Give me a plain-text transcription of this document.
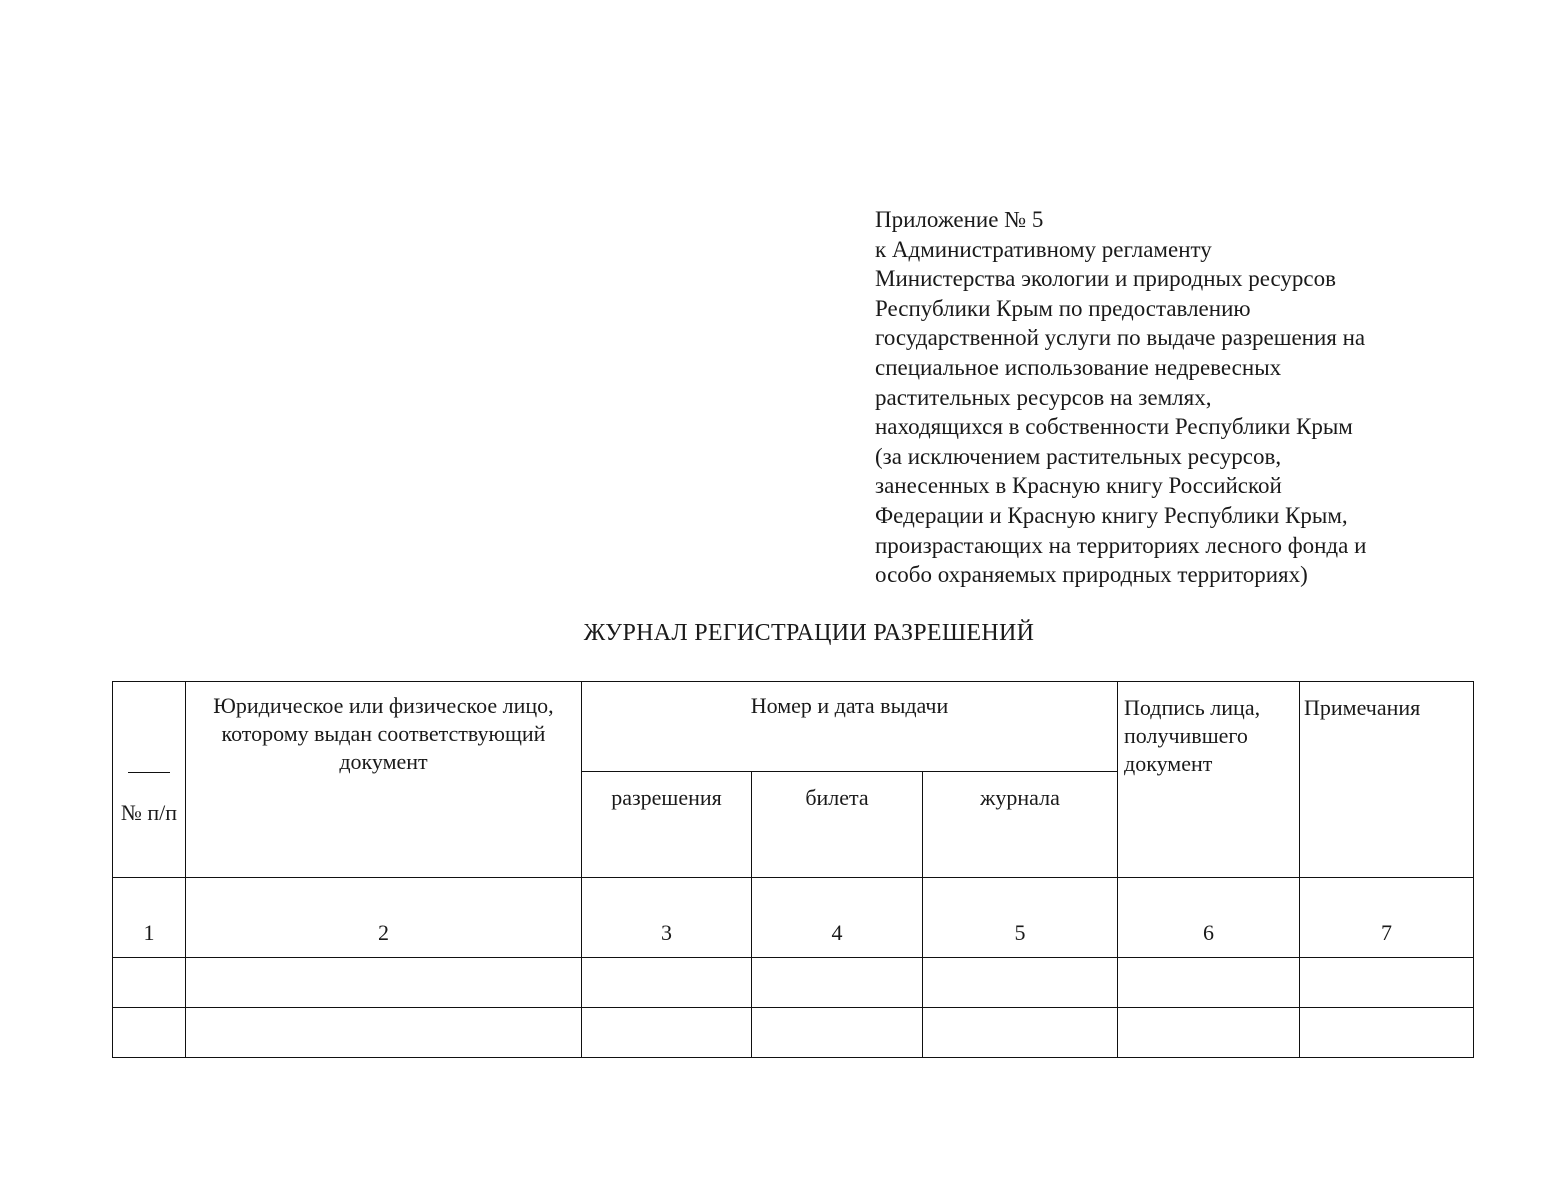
Приложение № 5
к Административному регламенту
Министерства экологии и природных ресурсов
Республики Крым по предоставлению
государственной услуги по выдаче разрешения на
специальное использование недревесных
растительных ресурсов на землях,
находящихся в собственности Республики Крым
(за исключением растительных ресурсов,
занесенных в Красную книгу Российской
Федерации и Красную книгу Республики Крым,
произрастающих на территориях лесного фонда и
особо охраняемых природных территориях)
ЖУРНАЛ РЕГИСТРАЦИИ РАЗРЕШЕНИЙ
№ п/п	Юридическое или физическое лицо, которому выдан соответствующий документ	Номер и дата выдачи			Подпись лица, получившего документ	Примечания
		разрешения	билета	журнала		
1	2	3	4	5	6	7
